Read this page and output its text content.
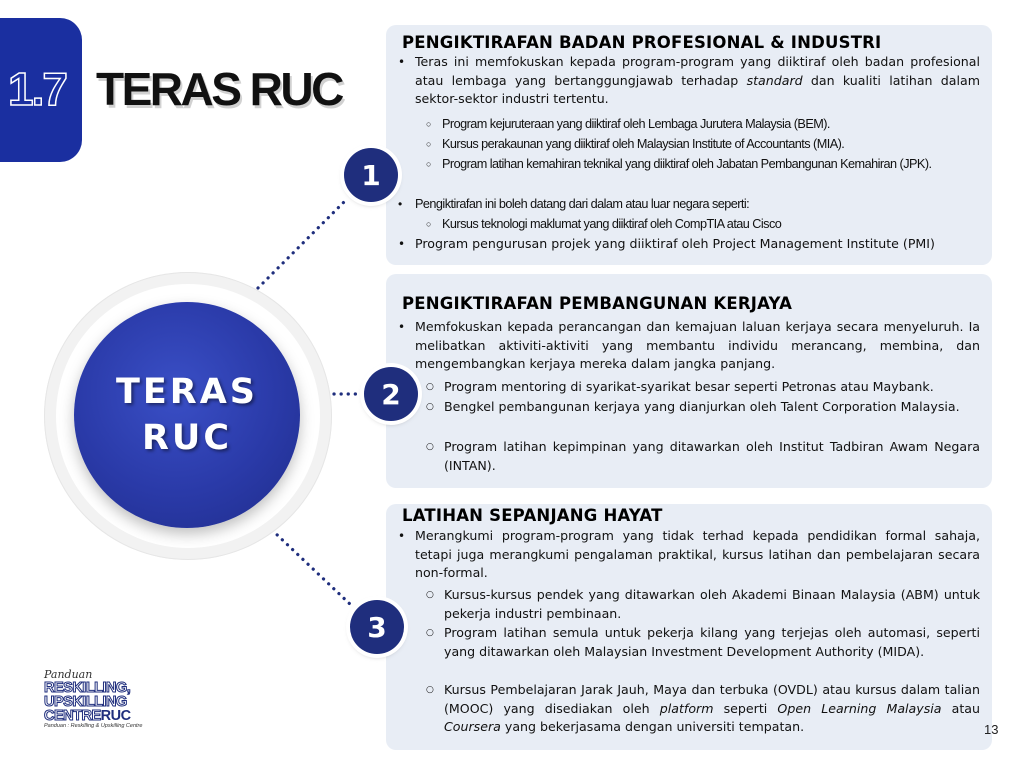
1.7 TERAS RUC
TERAS
RUC
PENGIKTIRAFAN BADAN PROFESIONAL & INDUSTRI
• Teras ini memfokuskan kepada program-program yang diiktiraf oleh badan profesional atau lembaga yang bertanggungjawab terhadap standard dan kualiti latihan dalam sektor-sektor industri tertentu.
○ Program kejuruteraan yang diiktiraf oleh Lembaga Jurutera Malaysia (BEM).
○ Kursus perakaunan yang diiktiraf oleh Malaysian Institute of Accountants (MIA).
○ Program latihan kemahiran teknikal yang diiktiraf oleh Jabatan Pembangunan Kemahiran (JPK).
•	Pengiktirafan ini boleh datang dari dalam atau luar negara seperti:
○ Kursus teknologi maklumat yang diiktiraf oleh CompTIA atau Cisco
• Program pengurusan projek yang diiktiraf oleh Project Management Institute (PMI)
1
PENGIKTIRAFAN PEMBANGUNAN KERJAYA
• Memfokuskan kepada perancangan dan kemajuan laluan kerjaya secara menyeluruh. Ia melibatkan aktiviti-aktiviti yang membantu individu merancang, membina, dan mengembangkan kerjaya mereka dalam jangka panjang.
○ Program mentoring di syarikat-syarikat besar seperti Petronas atau Maybank.
○ Bengkel pembangunan kerjaya yang dianjurkan oleh Talent Corporation Malaysia.
○ Program latihan kepimpinan yang ditawarkan oleh Institut Tadbiran Awam Negara (INTAN).
2
LATIHAN SEPANJANG HAYAT
• Merangkumi program-program yang tidak terhad kepada pendidikan formal sahaja, tetapi juga merangkumi pengalaman praktikal, kursus latihan dan pembelajaran secara non-formal.
○ Kursus-kursus pendek yang ditawarkan oleh Akademi Binaan Malaysia (ABM) untuk pekerja industri pembinaan.
○ Program latihan semula untuk pekerja kilang yang terjejas oleh automasi, seperti yang ditawarkan oleh Malaysian Investment Development Authority (MIDA).
○ Kursus Pembelajaran Jarak Jauh, Maya dan terbuka (OVDL) atau kursus dalam talian (MOOC) yang disediakan oleh platform seperti Open Learning Malaysia atau Coursera yang bekerjasama dengan universiti tempatan.
3
Panduan
RESKILLING,
UPSKILLING
CENTRERUC
Panduan : Reskilling & Upskilling Centre	13
